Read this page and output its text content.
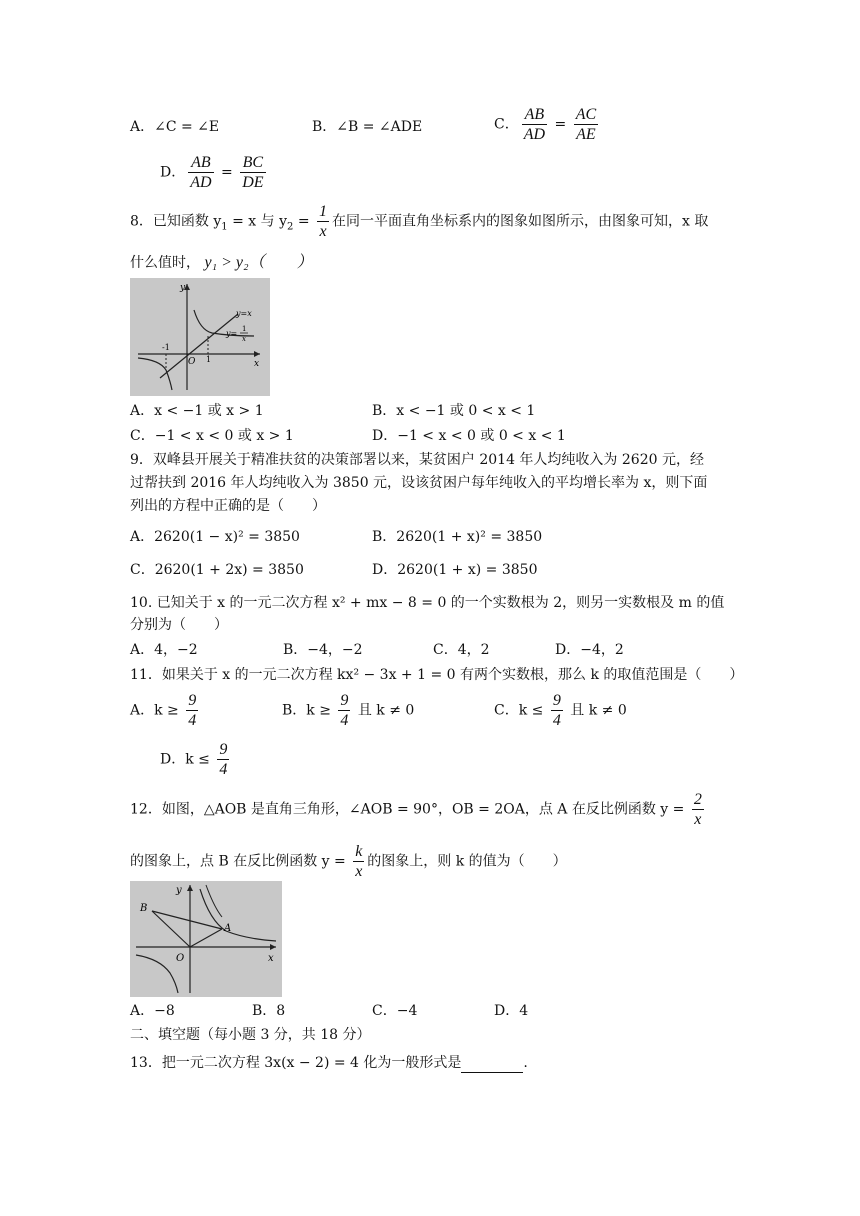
A．∠C = ∠E	B．∠B = ∠ADE	C． $\frac{AB}{AD} = \frac{AC}{AE}$
D． $\frac{AB}{AD} = \frac{BC}{DE}$
8．已知函数 $y_1 = x$ 与 $y_2 = \frac{1}{x}$ 在同一平面直角坐标系内的图象如图所示，由图象可知，x 取
什么值时， y₁ > y₂（　　）
y
x
O
-1
1
y=x
y= 1
x
A．x < −1 或 x > 1	B．x < −1 或 0 < x < 1
C．−1 < x < 0 或 x > 1	D．−1 < x < 0 或 0 < x < 1
9．双峰县开展关于精准扶贫的决策部署以来，某贫困户 2014 年人均纯收入为 2620 元，经
过帮扶到 2016 年人均纯收入为 3850 元，设该贫困户每年纯收入的平均增长率为 x，则下面
列出的方程中正确的是（　　）
A．2620(1 − x)² = 3850	B．2620(1 + x)² = 3850
C．2620(1 + 2x) = 3850	D．2620(1 + x) = 3850
10. 已知关于 x 的一元二次方程 x² + mx − 8 = 0 的一个实数根为 2，则另一实数根及 m 的值
分别为（　　）
A．4，−2	B．−4，−2	C．4，2	D．−4，2
11．如果关于 x 的一元二次方程 kx² − 3x + 1 = 0 有两个实数根，那么 k 的取值范围是（　　）
A．$k \ge \frac{9}{4}$	B．$k \ge \frac{9}{4}$ 且 k ≠ 0	C．$k \le \frac{9}{4}$ 且 k ≠ 0
D．$k \le \frac{9}{4}$
12．如图，△AOB 是直角三角形，∠AOB = 90°，OB = 2OA，点 A 在反比例函数 $y = \frac{2}{x}$
的图象上，点 B 在反比例函数 $y = \frac{k}{x}$ 的图象上，则 k 的值为（　　）
y
x
O
A
B
A．−8	B．8	C．−4	D．4
二、填空题（每小题 3 分，共 18 分）
13．把一元二次方程 3x(x − 2) = 4 化为一般形式是	.
